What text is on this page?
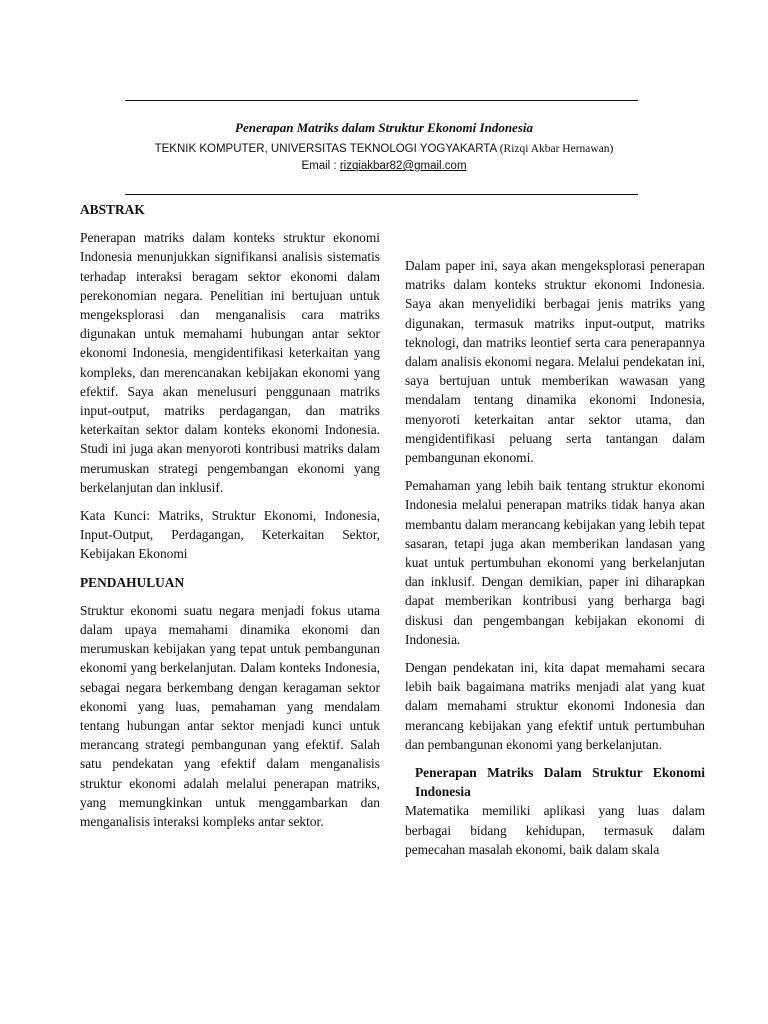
Penerapan Matriks dalam Struktur Ekonomi Indonesia
TEKNIK KOMPUTER, UNIVERSITAS TEKNOLOGI YOGYAKARTA (Rizqi Akbar Hernawan)
Email : rizqiakbar82@gmail.com
ABSTRAK

Penerapan matriks dalam konteks struktur ekonomi Indonesia menunjukkan signifikansi analisis sistematis terhadap interaksi beragam sektor ekonomi dalam perekonomian negara. Penelitian ini bertujuan untuk mengeksplorasi dan menganalisis cara matriks digunakan untuk memahami hubungan antar sektor ekonomi Indonesia, mengidentifikasi keterkaitan yang kompleks, dan merencanakan kebijakan ekonomi yang efektif. Saya akan menelusuri penggunaan matriks input-output, matriks perdagangan, dan matriks keterkaitan sektor dalam konteks ekonomi Indonesia. Studi ini juga akan menyoroti kontribusi matriks dalam merumuskan strategi pengembangan ekonomi yang berkelanjutan dan inklusif.

Kata Kunci: Matriks, Struktur Ekonomi, Indonesia, Input-Output, Perdagangan, Keterkaitan Sektor, Kebijakan Ekonomi

PENDAHULUAN

Struktur ekonomi suatu negara menjadi fokus utama dalam upaya memahami dinamika ekonomi dan merumuskan kebijakan yang tepat untuk pembangunan ekonomi yang berkelanjutan. Dalam konteks Indonesia, sebagai negara berkembang dengan keragaman sektor ekonomi yang luas, pemahaman yang mendalam tentang hubungan antar sektor menjadi kunci untuk merancang strategi pembangunan yang efektif. Salah satu pendekatan yang efektif dalam menganalisis struktur ekonomi adalah melalui penerapan matriks, yang memungkinkan untuk menggambarkan dan menganalisis interaksi kompleks antar sektor.

Dalam paper ini, saya akan mengeksplorasi penerapan matriks dalam konteks struktur ekonomi Indonesia. Saya akan menyelidiki berbagai jenis matriks yang digunakan, termasuk matriks input-output, matriks teknologi, dan matriks leontief serta cara penerapannya dalam analisis ekonomi negara. Melalui pendekatan ini, saya bertujuan untuk memberikan wawasan yang mendalam tentang dinamika ekonomi Indonesia, menyoroti keterkaitan antar sektor utama, dan mengidentifikasi peluang serta tantangan dalam pembangunan ekonomi.

Pemahaman yang lebih baik tentang struktur ekonomi Indonesia melalui penerapan matriks tidak hanya akan membantu dalam merancang kebijakan yang lebih tepat sasaran, tetapi juga akan memberikan landasan yang kuat untuk pertumbuhan ekonomi yang berkelanjutan dan inklusif. Dengan demikian, paper ini diharapkan dapat memberikan kontribusi yang berharga bagi diskusi dan pengembangan kebijakan ekonomi di Indonesia.

Dengan pendekatan ini, kita dapat memahami secara lebih baik bagaimana matriks menjadi alat yang kuat dalam memahami struktur ekonomi Indonesia dan merancang kebijakan yang efektif untuk pertumbuhan dan pembangunan ekonomi yang berkelanjutan.

Penerapan Matriks Dalam Struktur Ekonomi Indonesia

Matematika memiliki aplikasi yang luas dalam berbagai bidang kehidupan, termasuk dalam pemecahan masalah ekonomi, baik dalam skala
